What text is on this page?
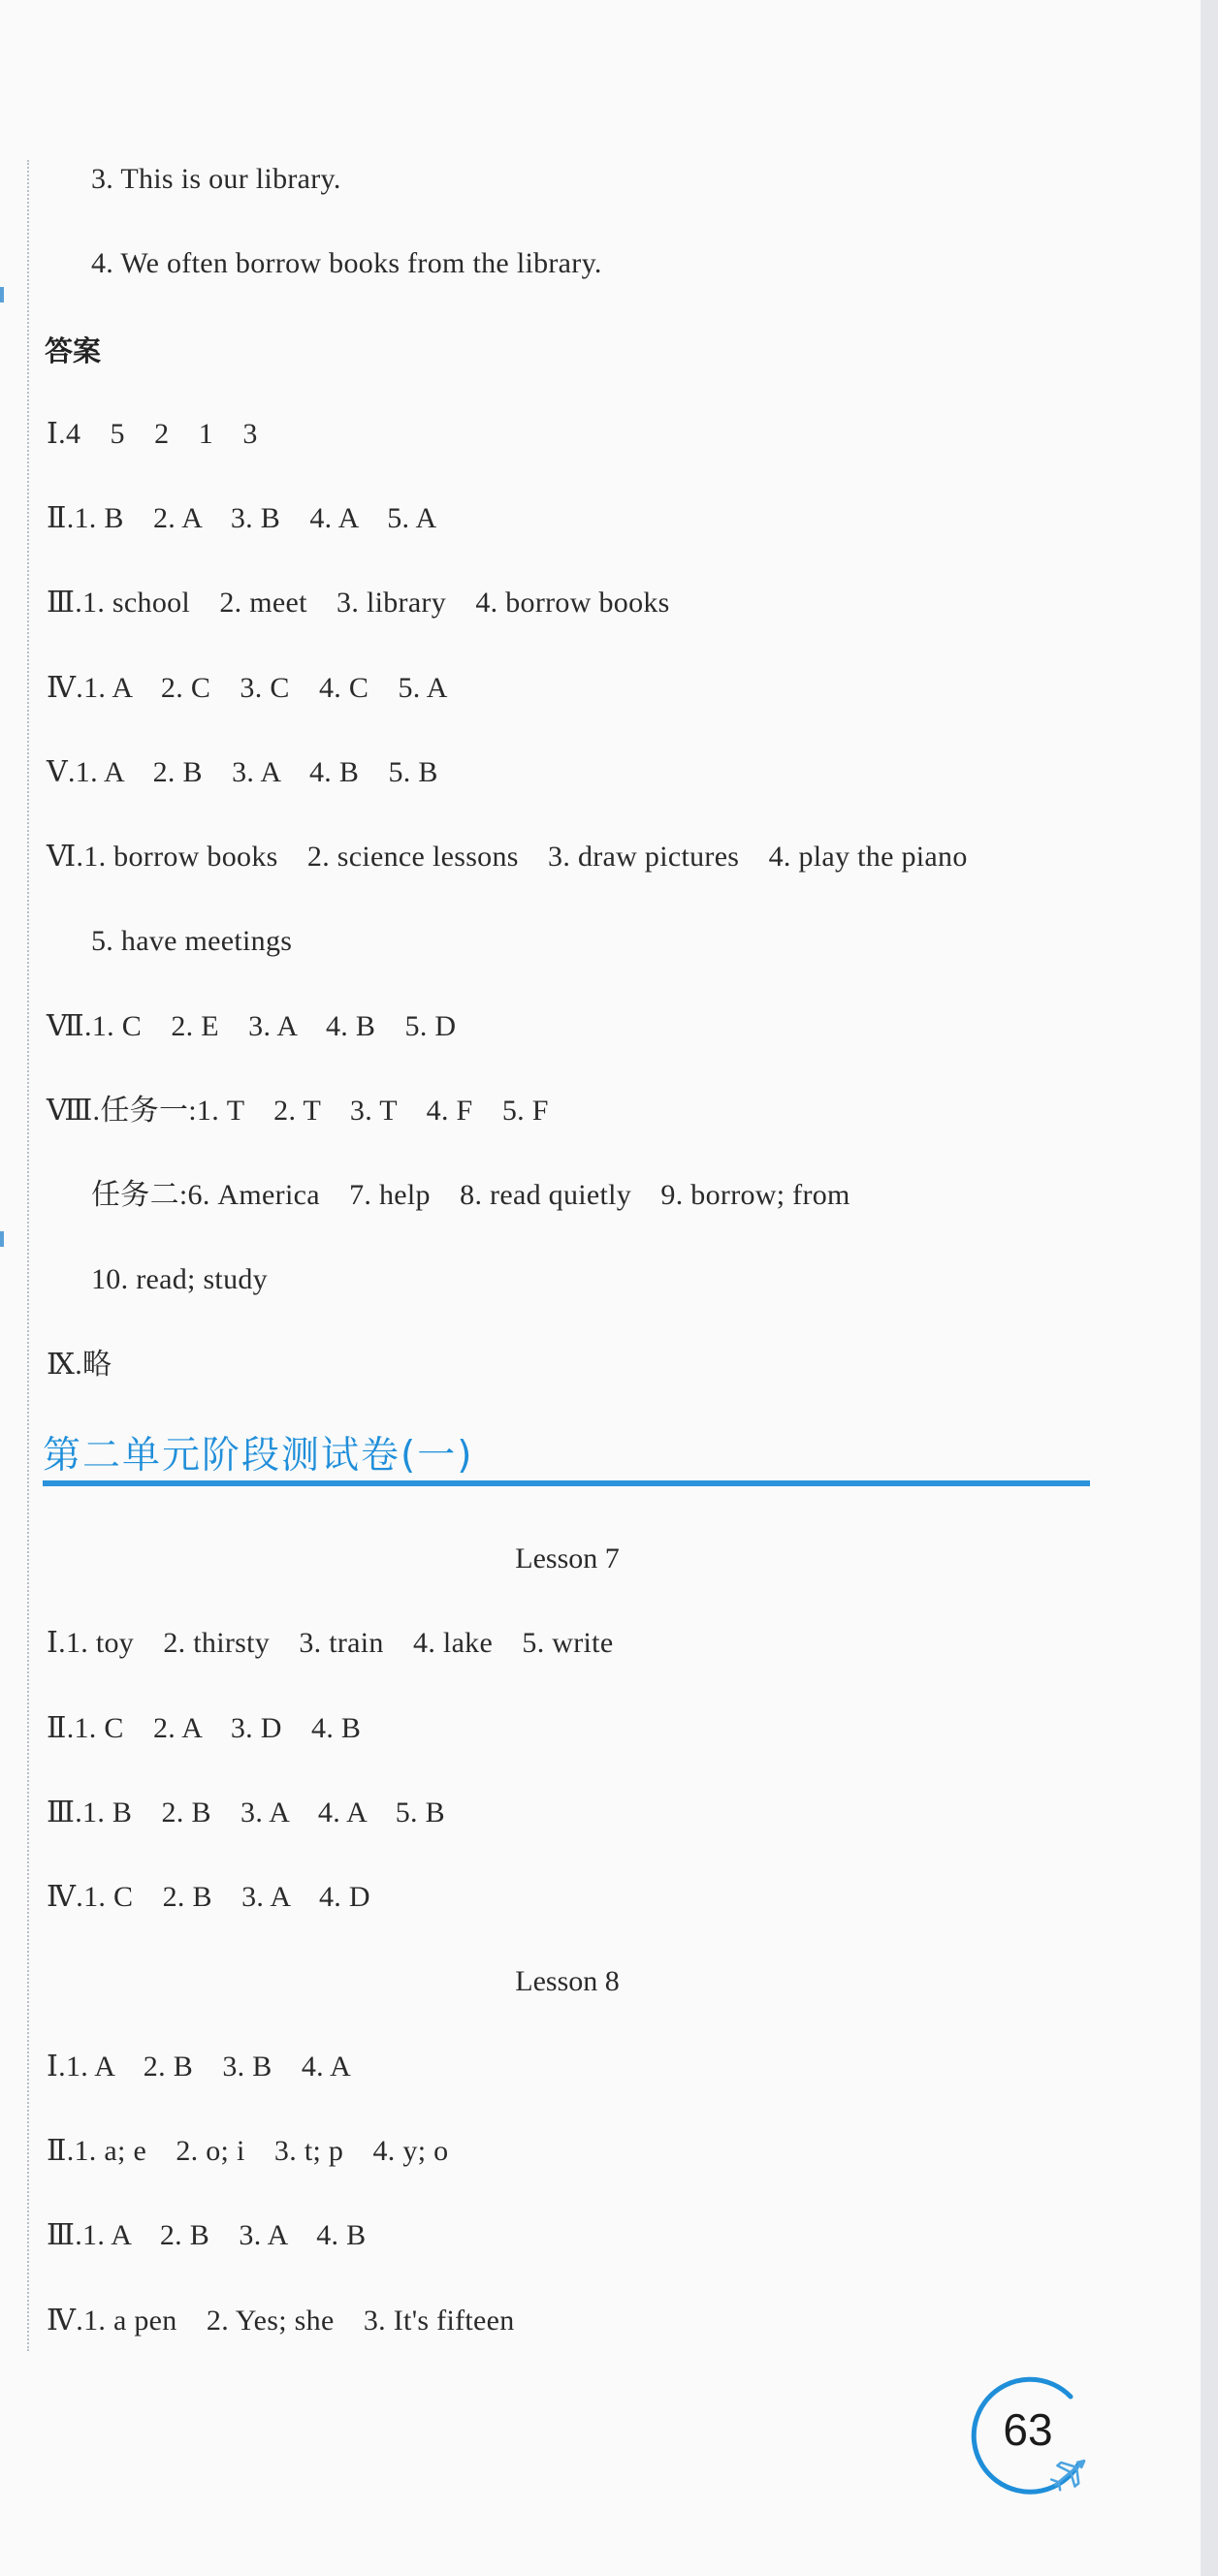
3. This is our library.
4. We often borrow books from the library.
答案
Ⅰ.4　5　2　1　3
Ⅱ.1. B　2. A　3. B　4. A　5. A
Ⅲ.1. school　2. meet　3. library　4. borrow books
Ⅳ.1. A　2. C　3. C　4. C　5. A
Ⅴ.1. A　2. B　3. A　4. B　5. B
Ⅵ.1. borrow books　2. science lessons　3. draw pictures　4. play the piano
5. have meetings
Ⅶ.1. C　2. E　3. A　4. B　5. D
Ⅷ.任务一:1. T　2. T　3. T　4. F　5. F
任务二:6. America　7. help　8. read quietly　9. borrow; from
10. read; study
Ⅸ.略
第二单元阶段测试卷(一)
Lesson 7
Ⅰ.1. toy　2. thirsty　3. train　4. lake　5. write
Ⅱ.1. C　2. A　3. D　4. B
Ⅲ.1. B　2. B　3. A　4. A　5. B
Ⅳ.1. C　2. B　3. A　4. D
Lesson 8
Ⅰ.1. A　2. B　3. B　4. A
Ⅱ.1. a; e　2. o; i　3. t; p　4. y; o
Ⅲ.1. A　2. B　3. A　4. B
Ⅳ.1. a pen　2. Yes; she　3. It's fifteen
63
